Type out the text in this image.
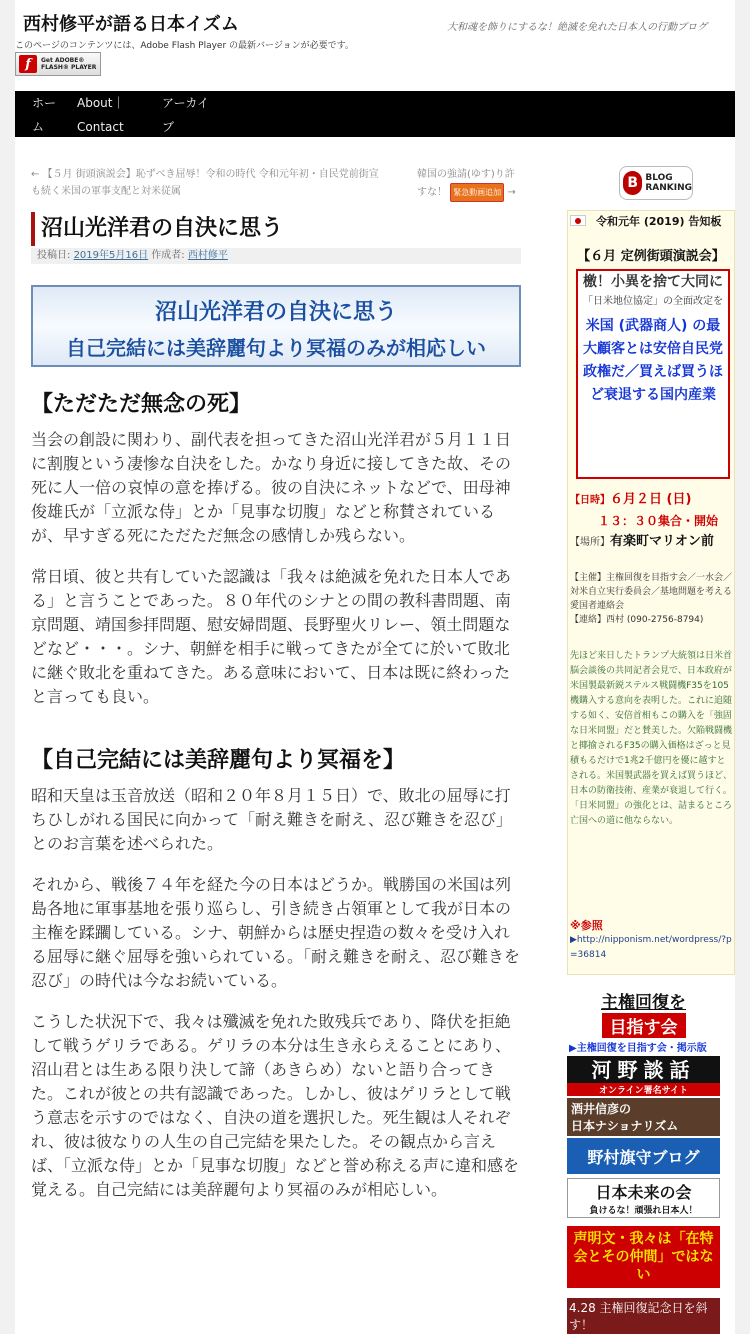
西村修平が語る日本イズム	大和魂を飾りにするな！絶滅を免れた日本人の行動ブログ
このページのコンテンツには、Adobe Flash Player の最新バージョンが必要です。
f	Get ADOBE®
FLASH® PLAYER
ホー
ム
About｜
Contact
アーカイ
ブ
← 【５月 街頭演説会】恥ずべき屈辱！令和の時代 令和元年初・自民党前街宣
も続く米国の軍事支配と対米従属
韓国の強請(ゆす)り許
すな！ 緊急動画追加 →
沼山光洋君の自決に思う
投稿日: 2019年5月16日 作成者: 西村修平
沼山光洋君の自決に思う
自己完結には美辞麗句より冥福のみが相応しい
【ただただ無念の死】

当会の創設に関わり、副代表を担ってきた沼山光洋君が５月１１日に割腹という凄惨な自決をした。かなり身近に接してきた故、その死に人一倍の哀悼の意を捧げる。彼の自決にネットなどで、田母神俊雄氏が「立派な侍」とか「見事な切腹」などと称賛されているが、早すぎる死にただただ無念の感情しか残らない。

常日頃、彼と共有していた認識は「我々は絶滅を免れた日本人である」と言うことであった。８０年代のシナとの間の教科書問題、南京問題、靖国参拝問題、慰安婦問題、長野聖火リレー、領土問題などなど・・・。シナ、朝鮮を相手に戦ってきたが全てに於いて敗北に継ぐ敗北を重ねてきた。ある意味において、日本は既に終わったと言っても良い。

【自己完結には美辞麗句より冥福を】

昭和天皇は玉音放送（昭和２０年８月１５日）で、敗北の屈辱に打ちひしがれる国民に向かって「耐え難きを耐え、忍び難きを忍び」とのお言葉を述べられた。

それから、戦後７４年を経た今の日本はどうか。戦勝国の米国は列島各地に軍事基地を張り巡らし、引き続き占領軍として我が日本の主権を蹂躙している。シナ、朝鮮からは歴史捏造の数々を受け入れる屈辱に継ぐ屈辱を強いられている。「耐え難きを耐え、忍び難きを忍び」の時代は今なお続いている。

こうした状況下で、我々は殲滅を免れた敗残兵であり、降伏を拒絶して戦うゲリラである。ゲリラの本分は生き永らえることにあり、沼山君とは生ある限り決して諦（あきらめ）ないと語り合ってきた。これが彼との共有認識であった。しかし、彼はゲリラとして戦う意志を示すのではなく、自決の道を選択した。死生観は人それぞれ、彼は彼なりの人生の自己完結を果たした。その観点から言えば、「立派な侍」とか「見事な切腹」などと誉め称える声に違和感を覚える。自己完結には美辞麗句より冥福のみが相応しい。

B BLOG
RANKING
令和元年 (2019) 告知板
【６月 定例街頭演説会】
檄！小異を捨て大同に
「日米地位協定」の全面改定を
米国 (武器商人) の最大顧客とは安倍自民党政権だ／買えば買うほど衰退する国内産業
【日時】６月２日 (日)
１３：３０集合・開始
【場所】有楽町マリオン前
【主催】主権回復を目指す会／一水会／対米自立実行委員会／基地問題を考える愛国者連絡会
【連絡】西村 (090-2756-8794)
先ほど来日したトランプ大統領は日米首脳会談後の共同記者会見で、日本政府が米国製最新鋭ステルス戦闘機F35を105機購入する意向を表明した。これに追随する如く、安倍首相もこの購入を「強固な日米同盟」だと賛美した。欠陥戦闘機と揶揄されるF35の購入価格はざっと見積もるだけで1兆2千億円を優に越すとされる。米国製武器を買えば買うほど、日本の防衛技術、産業が衰退して行く。「日米同盟」の強化とは、詰まるところ亡国への道に他ならない。
※参照
▶http://nipponism.net/wordpress/?p=36814
主権回復を
目指す会
▶主権回復を目指す会・掲示版
河野談話
オンライン署名サイト
酒井信彦の
日本ナショナリズム
野村旗守ブログ
日本未来の会
負けるな！頑張れ日本人！
声明文・我々は「在特会とその仲間」ではない
4.28 主権回復記念日を斜す！
